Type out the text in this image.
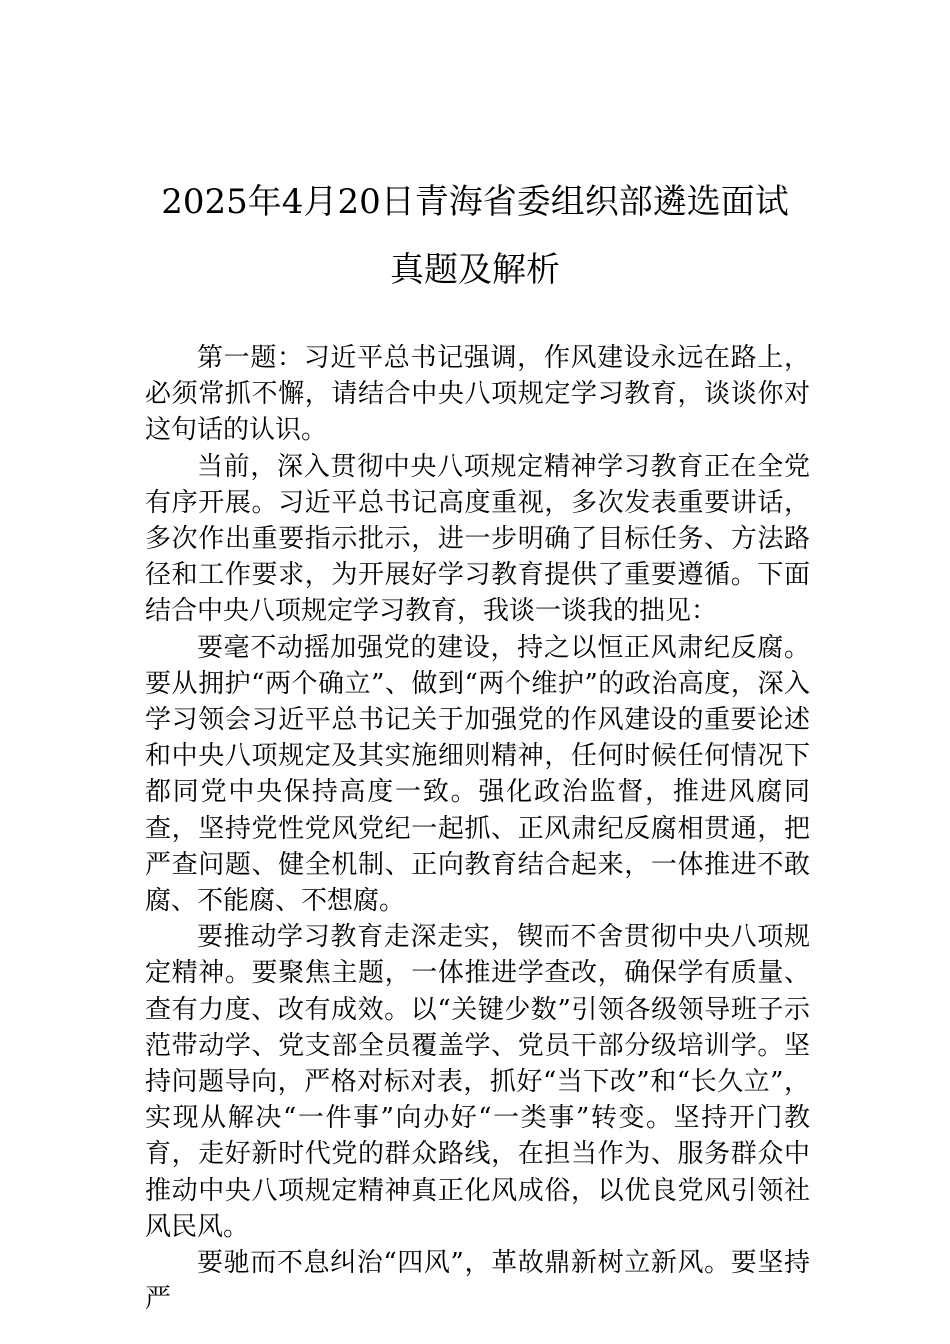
2025年4月20日青海省委组织部遴选面试
真题及解析

第一题：习近平总书记强调，作风建设永远在路上，必须常抓不懈，请结合中央八项规定学习教育，谈谈你对这句话的认识。

当前，深入贯彻中央八项规定精神学习教育正在全党有序开展。习近平总书记高度重视，多次发表重要讲话，多次作出重要指示批示，进一步明确了目标任务、方法路径和工作要求，为开展好学习教育提供了重要遵循。下面结合中央八项规定学习教育，我谈一谈我的拙见：

要毫不动摇加强党的建设，持之以恒正风肃纪反腐。要从拥护“两个确立”、做到“两个维护”的政治高度，深入学习领会习近平总书记关于加强党的作风建设的重要论述和中央八项规定及其实施细则精神，任何时候任何情况下都同党中央保持高度一致。强化政治监督，推进风腐同查，坚持党性党风党纪一起抓、正风肃纪反腐相贯通，把严查问题、健全机制、正向教育结合起来，一体推进不敢腐、不能腐、不想腐。

要推动学习教育走深走实，锲而不舍贯彻中央八项规定精神。要聚焦主题，一体推进学查改，确保学有质量、查有力度、改有成效。以“关键少数”引领各级领导班子示范带动学、党支部全员覆盖学、党员干部分级培训学。坚持问题导向，严格对标对表，抓好“当下改”和“长久立”，实现从解决“一件事”向办好“一类事”转变。坚持开门教育，走好新时代党的群众路线，在担当作为、服务群众中推动中央八项规定精神真正化风成俗，以优良党风引领社风民风。

要驰而不息纠治“四风”，革故鼎新树立新风。要坚持严
